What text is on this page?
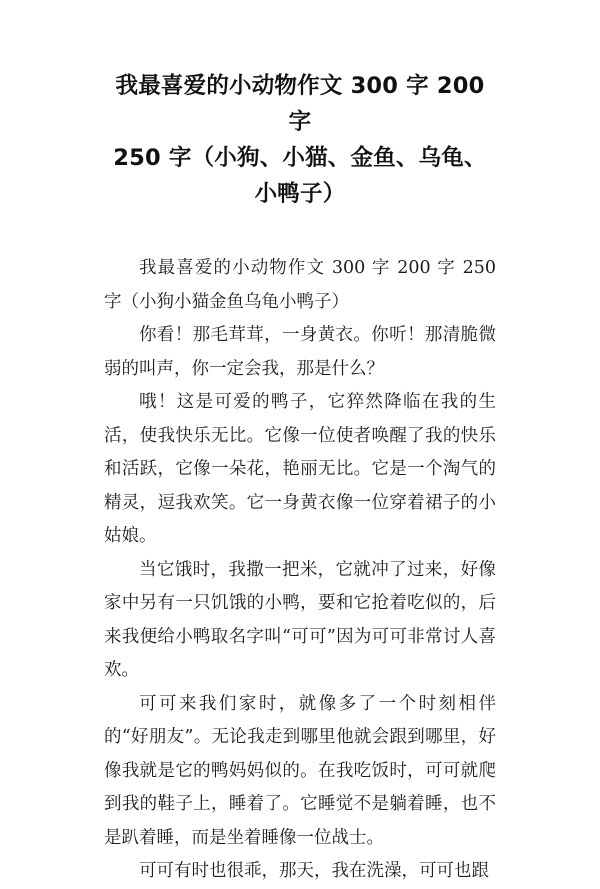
我最喜爱的小动物作文 300 字 200 字
250 字（小狗、小猫、金鱼、乌龟、
小鸭子）

我最喜爱的小动物作文 300 字 200 字 250 字（小狗小猫金鱼乌龟小鸭子）

你看！那毛茸茸，一身黄衣。你听！那清脆微弱的叫声，你一定会我，那是什么？

哦！这是可爱的鸭子，它猝然降临在我的生活，使我快乐无比。它像一位使者唤醒了我的快乐和活跃，它像一朵花，艳丽无比。它是一个淘气的精灵，逗我欢笑。它一身黄衣像一位穿着裙子的小姑娘。

当它饿时，我撒一把米，它就冲了过来，好像家中另有一只饥饿的小鸭，要和它抢着吃似的，后来我便给小鸭取名字叫“可可”因为可可非常讨人喜欢。

可可来我们家时，就像多了一个时刻相伴的“好朋友”。无论我走到哪里他就会跟到哪里，好像我就是它的鸭妈妈似的。在我吃饭时，可可就爬到我的鞋子上，睡着了。它睡觉不是躺着睡，也不是趴着睡，而是坐着睡像一位战士。

可可有时也很乖，那天，我在洗澡，可可也跟
